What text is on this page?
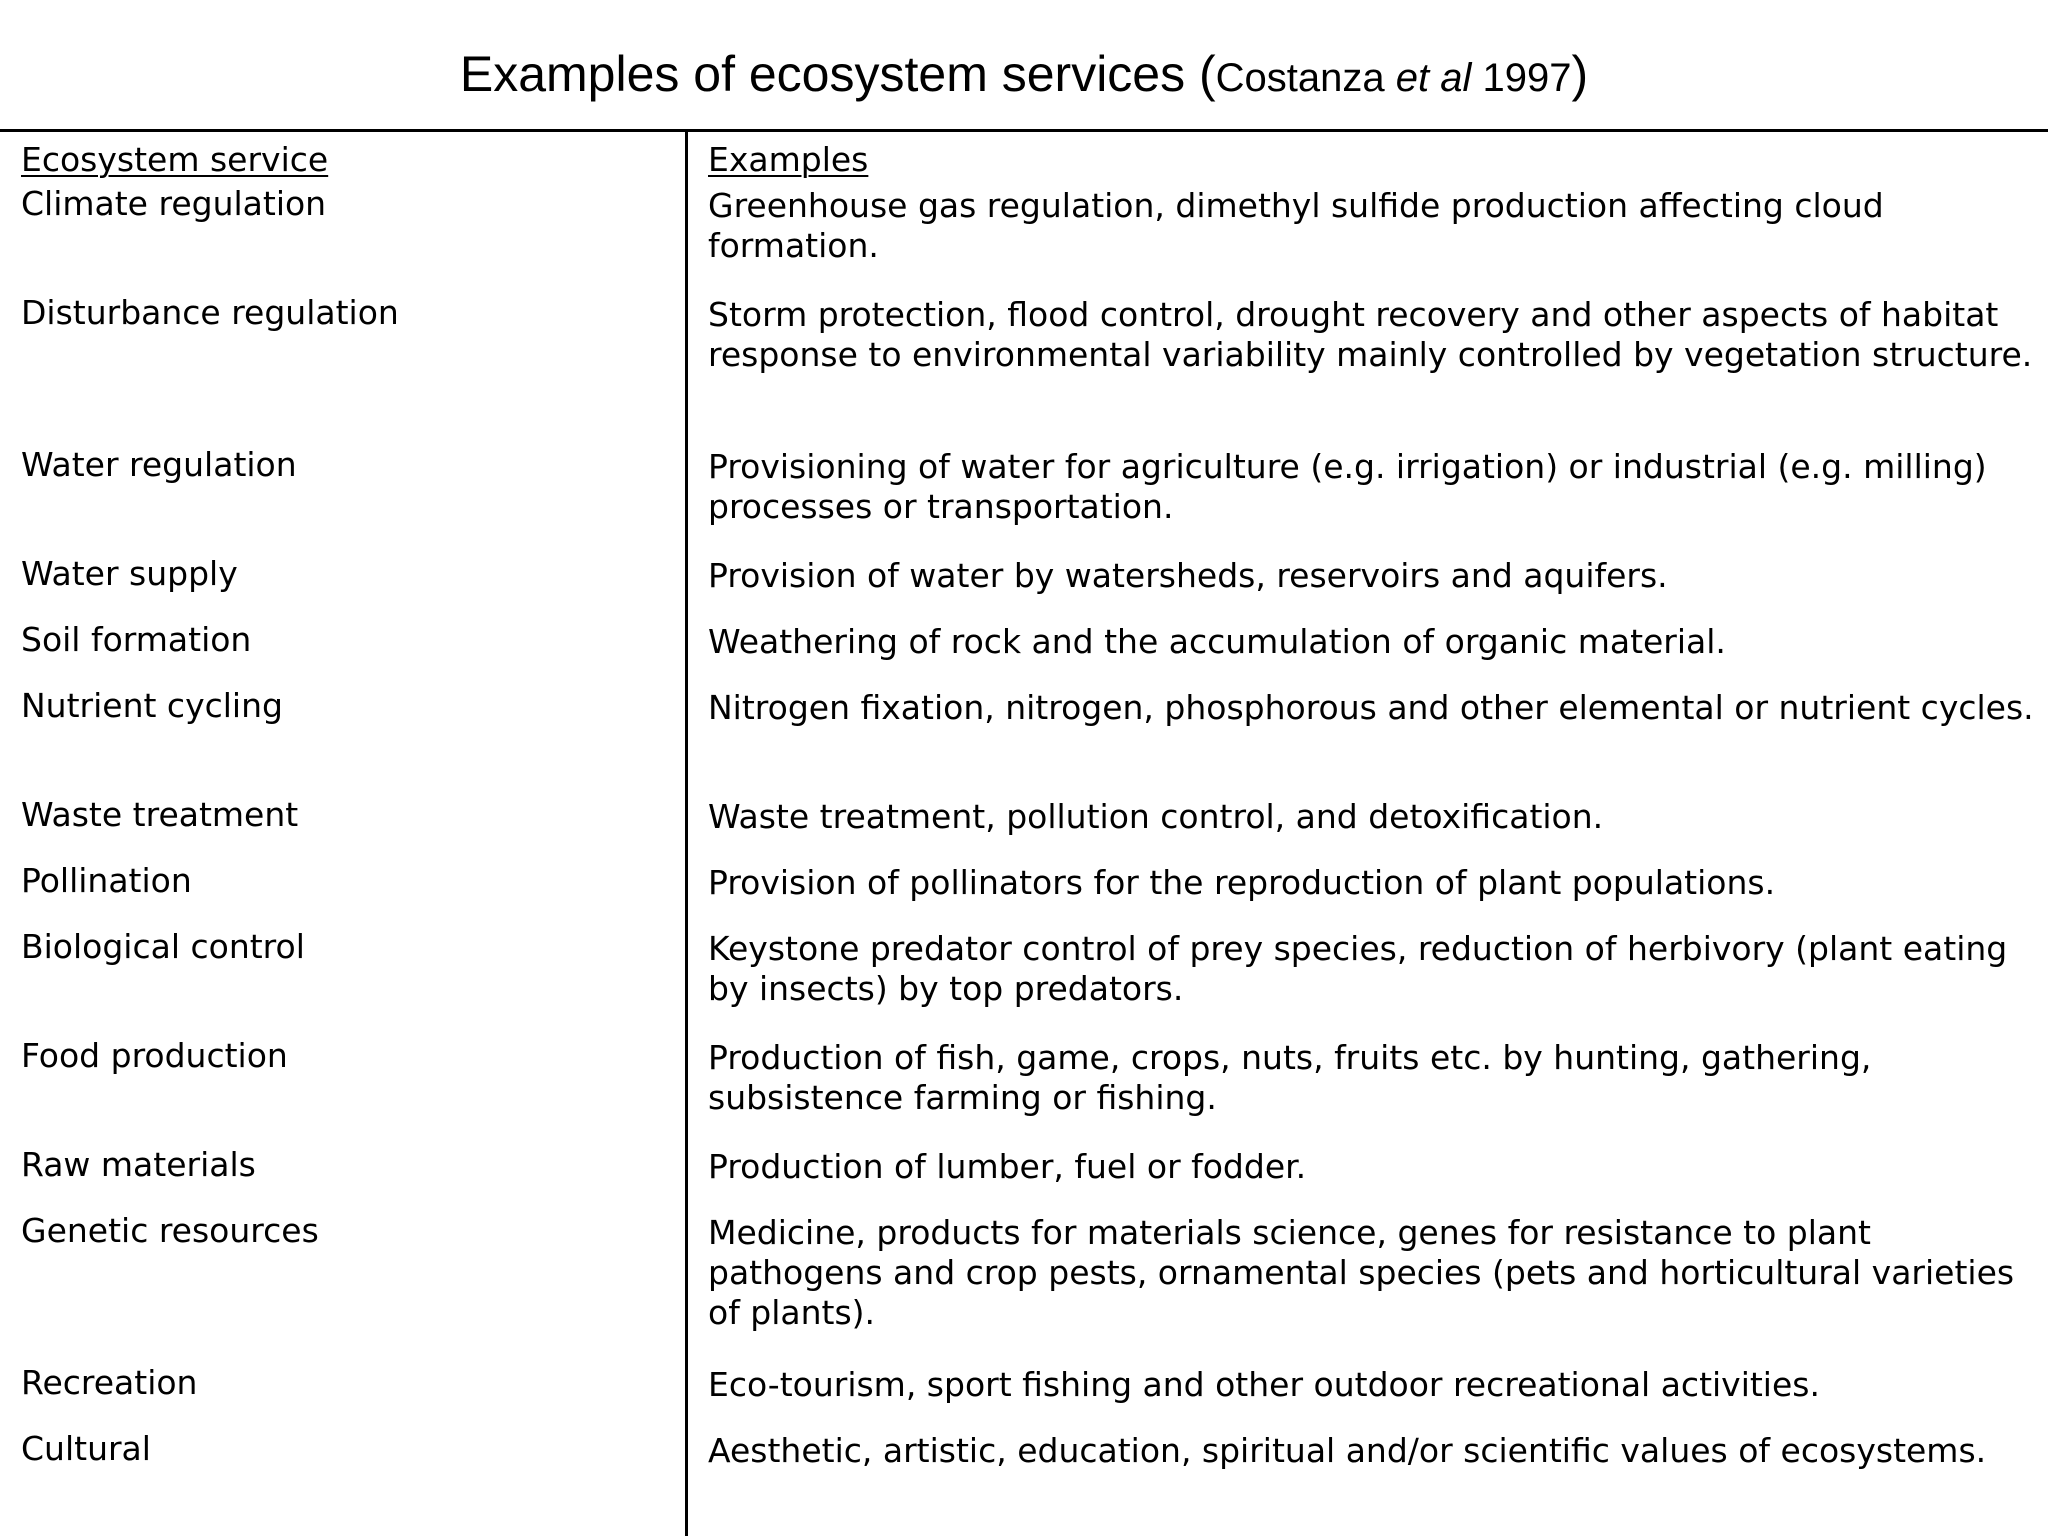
Examples of ecosystem services (Costanza et al 1997)
Ecosystem service	Examples
Climate regulation	Greenhouse gas regulation, dimethyl sulfide production affecting cloud formation.
Disturbance regulation	Storm protection, flood control, drought recovery and other aspects of habitat response to environmental variability mainly controlled by vegetation structure.
Water regulation	Provisioning of water for agriculture (e.g. irrigation) or industrial (e.g. milling) processes or transportation.
Water supply	Provision of water by watersheds, reservoirs and aquifers.
Soil formation	Weathering of rock and the accumulation of organic material.
Nutrient cycling	Nitrogen fixation, nitrogen, phosphorous and other elemental or nutrient cycles.
Waste treatment	Waste treatment, pollution control, and detoxification.
Pollination	Provision of pollinators for the reproduction of plant populations.
Biological control	Keystone predator control of prey species, reduction of herbivory (plant eating by insects) by top predators.
Food production	Production of fish, game, crops, nuts, fruits etc. by hunting, gathering, subsistence farming or fishing.
Raw materials	Production of lumber, fuel or fodder.
Genetic resources	Medicine, products for materials science, genes for resistance to plant pathogens and crop pests, ornamental species (pets and horticultural varieties of plants).
Recreation	Eco-tourism, sport fishing and other outdoor recreational activities.
Cultural	Aesthetic, artistic, education, spiritual and/or scientific values of ecosystems.
